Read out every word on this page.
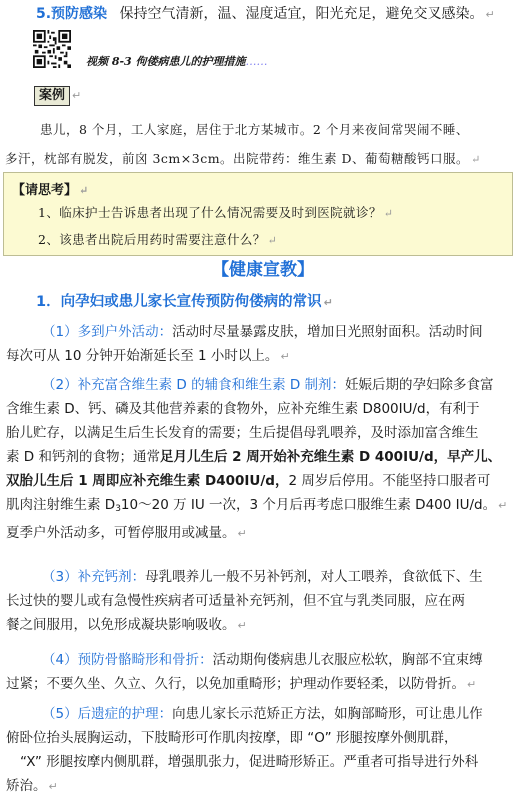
5.预防感染 保持空气清新，温、湿度适宜，阳光充足，避免交叉感染。 ↵
视频 8-3 佝偻病患儿的护理措施……
案例 ↵
患儿，8 个月，工人家庭，居住于北方某城市。2 个月来夜间常哭闹不睡、
多汗，枕部有脱发，前囟 3cm×3cm。出院带药：维生素 D、葡萄糖酸钙口服。 ↵
【请思考】 ↵
1、临床护士告诉患者出现了什么情况需要及时到医院就诊？ ↵
2、该患者出院后用药时需要注意什么？ ↵
【健康宣教】
1．向孕妇或患儿家长宣传预防佝偻病的常识 ↵
（1）多到户外活动：活动时尽量暴露皮肤，增加日光照射面积。活动时间
每次可从 10 分钟开始渐延长至 1 小时以上。 ↵
（2）补充富含维生素 D 的辅食和维生素 D 制剂：妊娠后期的孕妇除多食富
含维生素 D、钙、磷及其他营养素的食物外，应补充维生素 D800IU/d，有利于
胎儿贮存，以满足生后生长发育的需要；生后提倡母乳喂养，及时添加富含维生
素 D 和钙剂的食物；通常足月儿生后 2 周开始补充维生素 D 400IU/d，早产儿、
双胎儿生后 1 周即应补充维生素 D400IU/d，2 周岁后停用。不能坚持口服者可
肌肉注射维生素 $D_310\sim 20$ 万 IU 一次，3 个月后再考虑口服维生素 D400 IU/d。 ↵
夏季户外活动多，可暂停服用或减量。 ↵
（3）补充钙剂：母乳喂养儿一般不另补钙剂，对人工喂养，食欲低下、生
长过快的婴儿或有急慢性疾病者可适量补充钙剂，但不宜与乳类同服，应在两
餐之间服用，以免形成凝块影响吸收。 ↵
（4）预防骨骼畸形和骨折：活动期佝偻病患儿衣服应松软，胸部不宜束缚
过紧；不要久坐、久立、久行，以免加重畸形；护理动作要轻柔，以防骨折。 ↵
（5）后遗症的护理：向患儿家长示范矫正方法，如胸部畸形，可让患儿作
俯卧位抬头展胸运动，下肢畸形可作肌肉按摩，即 “O” 形腿按摩外侧肌群，
“X” 形腿按摩内侧肌群，增强肌张力，促进畸形矫正。严重者可指导进行外科
矫治。 ↵
